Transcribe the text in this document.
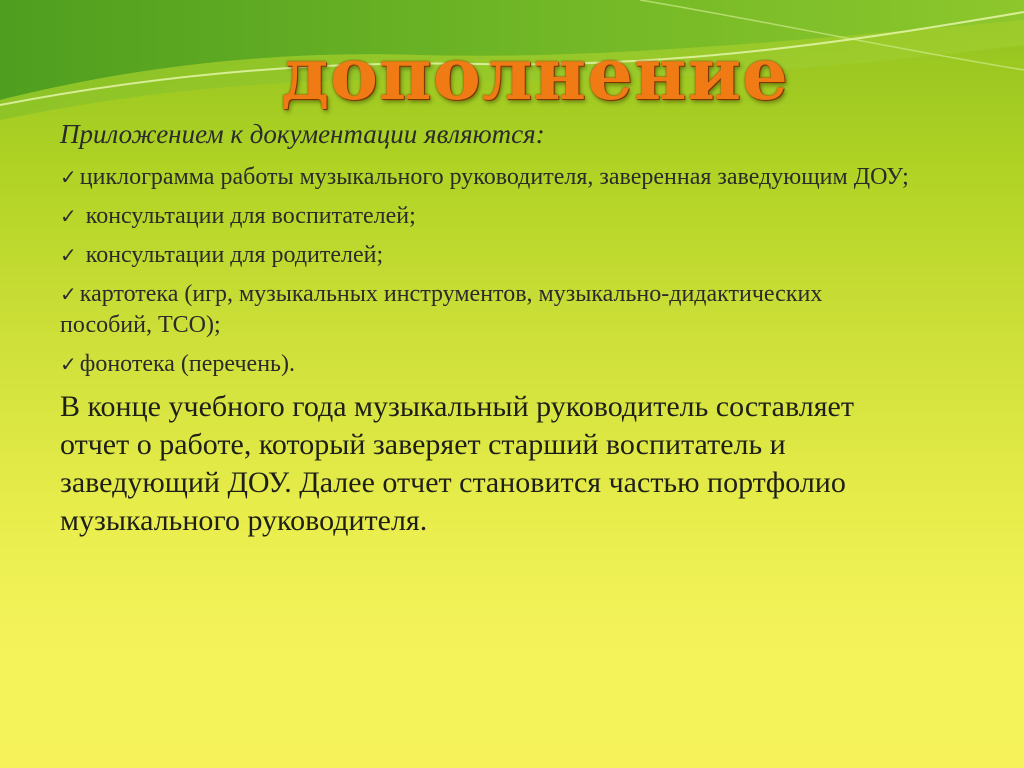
дополнение
Приложением к документации являются:
✓ циклограмма работы музыкального руководителя, заверенная заведующим ДОУ;
✓ консультации для воспитателей;
✓ консультации для родителей;
✓ картотека (игр, музыкальных инструментов, музыкально-дидактических пособий, ТСО);
✓ фонотека (перечень).
В конце учебного года музыкальный руководитель составляет отчет о работе, который заверяет старший воспитатель и заведующий ДОУ. Далее отчет становится частью портфолио музыкального руководителя.
